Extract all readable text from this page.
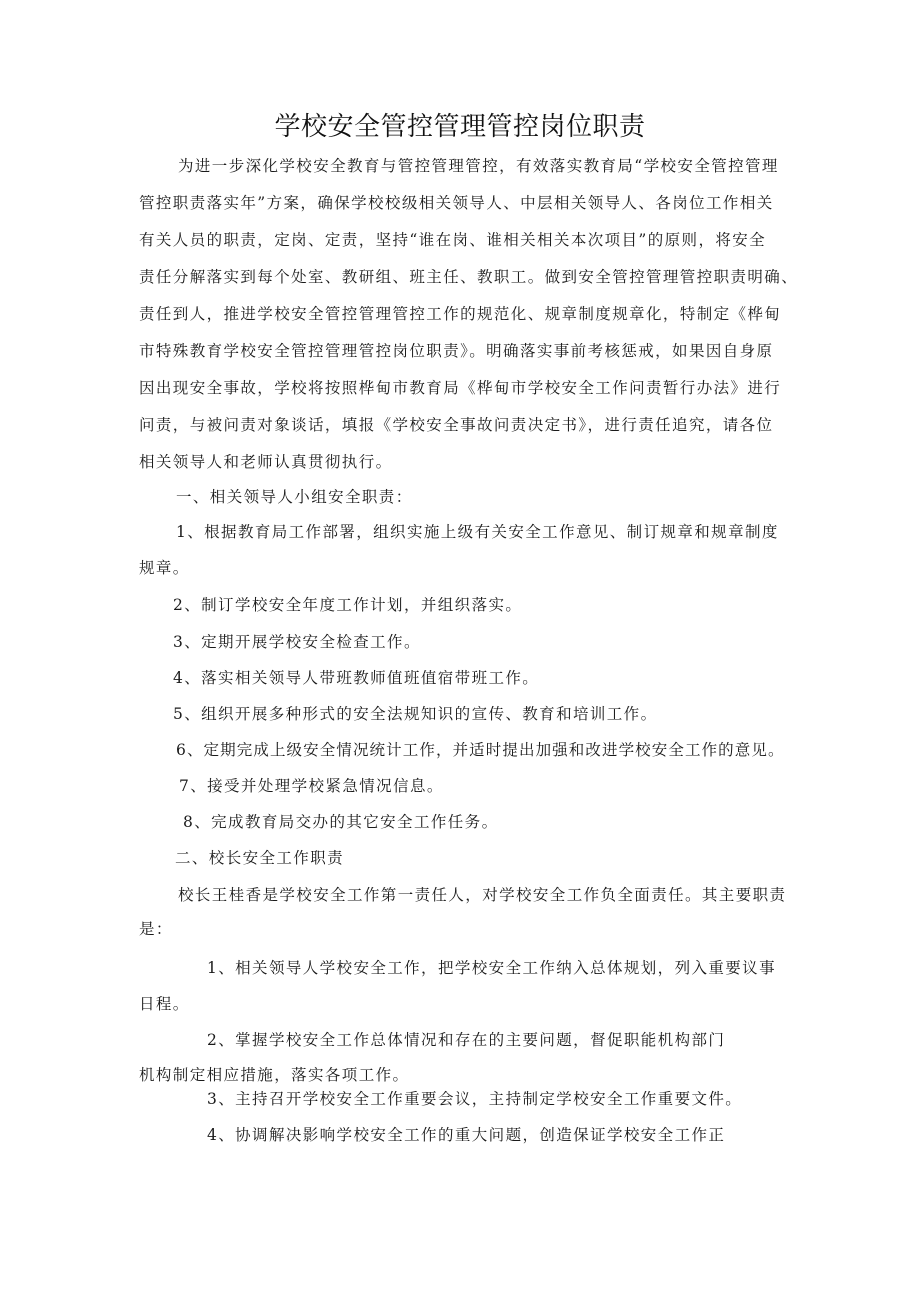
学校安全管控管理管控岗位职责
为进一步深化学校安全教育与管控管理管控，有效落实教育局“学校安全管控管理
管控职责落实年”方案，确保学校校级相关领导人、中层相关领导人、各岗位工作相关
有关人员的职责，定岗、定责，坚持“谁在岗、谁相关相关本次项目”的原则，将安全
责任分解落实到每个处室、教研组、班主任、教职工。做到安全管控管理管控职责明确、
责任到人，推进学校安全管控管理管控工作的规范化、规章制度规章化，特制定《桦甸
市特殊教育学校安全管控管理管控岗位职责》。明确落实事前考核惩戒，如果因自身原
因出现安全事故，学校将按照桦甸市教育局《桦甸市学校安全工作问责暂行办法》进行
问责，与被问责对象谈话，填报《学校安全事故问责决定书》，进行责任追究，请各位
相关领导人和老师认真贯彻执行。
一、相关领导人小组安全职责：
1、根据教育局工作部署，组织实施上级有关安全工作意见、制订规章和规章制度
规章。
2、制订学校安全年度工作计划，并组织落实。
3、定期开展学校安全检查工作。
4、落实相关领导人带班教师值班值宿带班工作。
5、组织开展多种形式的安全法规知识的宣传、教育和培训工作。
6、定期完成上级安全情况统计工作，并适时提出加强和改进学校安全工作的意见。
7、接受并处理学校紧急情况信息。
8、完成教育局交办的其它安全工作任务。
二、校长安全工作职责
校长王桂香是学校安全工作第一责任人，对学校安全工作负全面责任。其主要职责
是：
1、相关领导人学校安全工作，把学校安全工作纳入总体规划，列入重要议事
日程。
2、掌握学校安全工作总体情况和存在的主要问题，督促职能机构部门
机构制定相应措施，落实各项工作。
3、主持召开学校安全工作重要会议，主持制定学校安全工作重要文件。
4、协调解决影响学校安全工作的重大问题，创造保证学校安全工作正
